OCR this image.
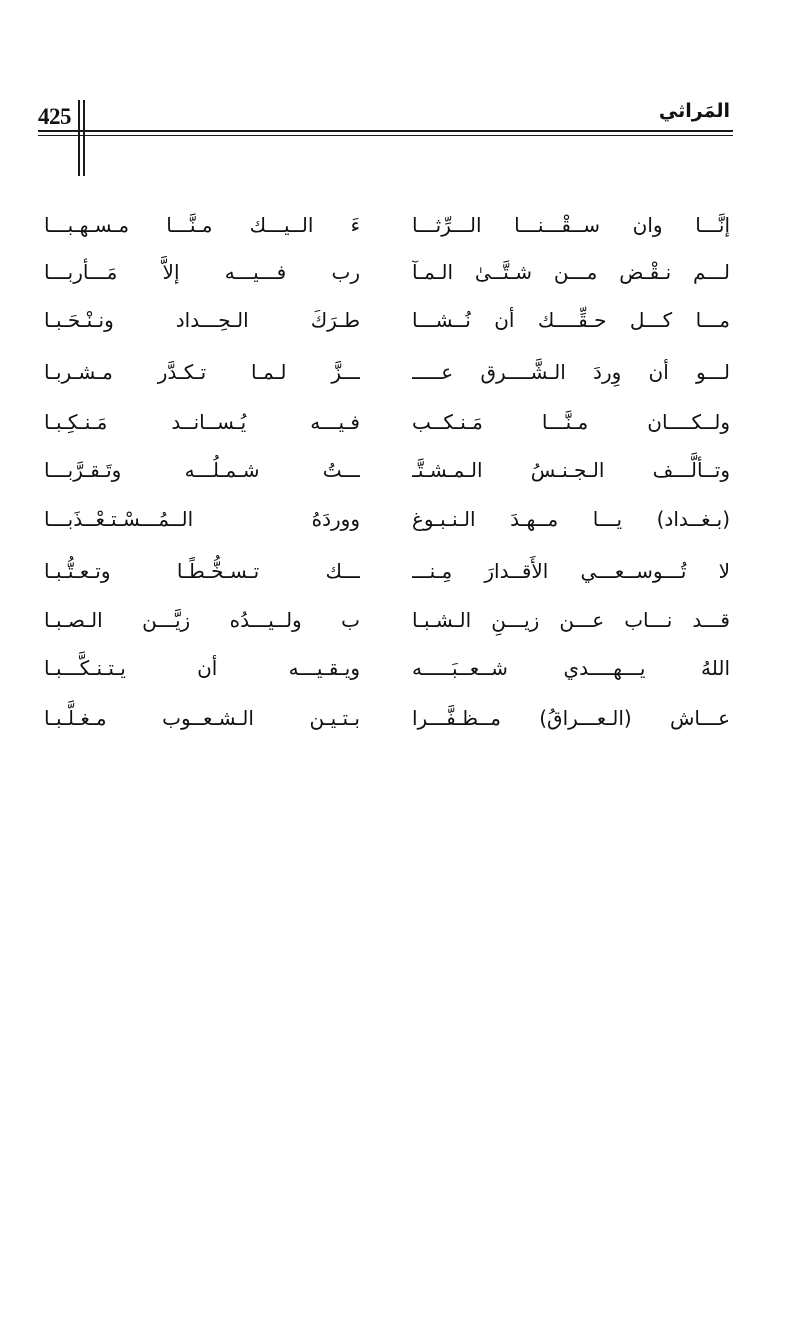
425	المَراثي
إنَّـــا وان ســقْـــنـــا الـــرِّثـــا
ءَ الــيـــك مـنَّـــا مـسـهـبـــا
لـــم نـقْـض مـــن شـتَّــىٰ الـمـآ
رب فـــيـــه إلاَّ مَـــأربـــا
مـــا كـــل حـقِّــــك أن نُــشـــا
طـرَكَ الـحِـــداد ونـنْـحَـبـا
لـــو أن وِردَ الـشَّــــرق عـــــ
ـــزَّ لـمـا تـكـدَّر مـشـربـا
ولــكــــان مـنَّـــا مَـنـكــب
فـيـــه يُـســانــد مَـنـكِـبـا
وتــألَّـــف الـجـنـسُ الـمـشـتَّـ
ـــتُ شـمـلُـــه وتَـقـرَّبـــا
(بـغــداد) يـــا مــهـدَ الـنـبـوغ
ووردَهُ الــمُـــسْـتـعْــذَبـــا
لا تُـــوســعـــي الأَقــدارَ مِـنـــ
ـــك تـسـخُّـطًـا وتـعـتُّـبـا
قـــد نـــاب عـــن زيـــنِ الـشـبـا
ب ولــيـــدُه زيَّـــن الـصـبـا
اللهُ يـــهــــدي شــعــبَـــــه
ويـقـيـــه أن يـتـنـكَّـــبـا
عـــاش (الـعـــراقُ) مــظـفَّـــرا
بـتـيـن الـشـعــوب مـغـلَّـبـا
